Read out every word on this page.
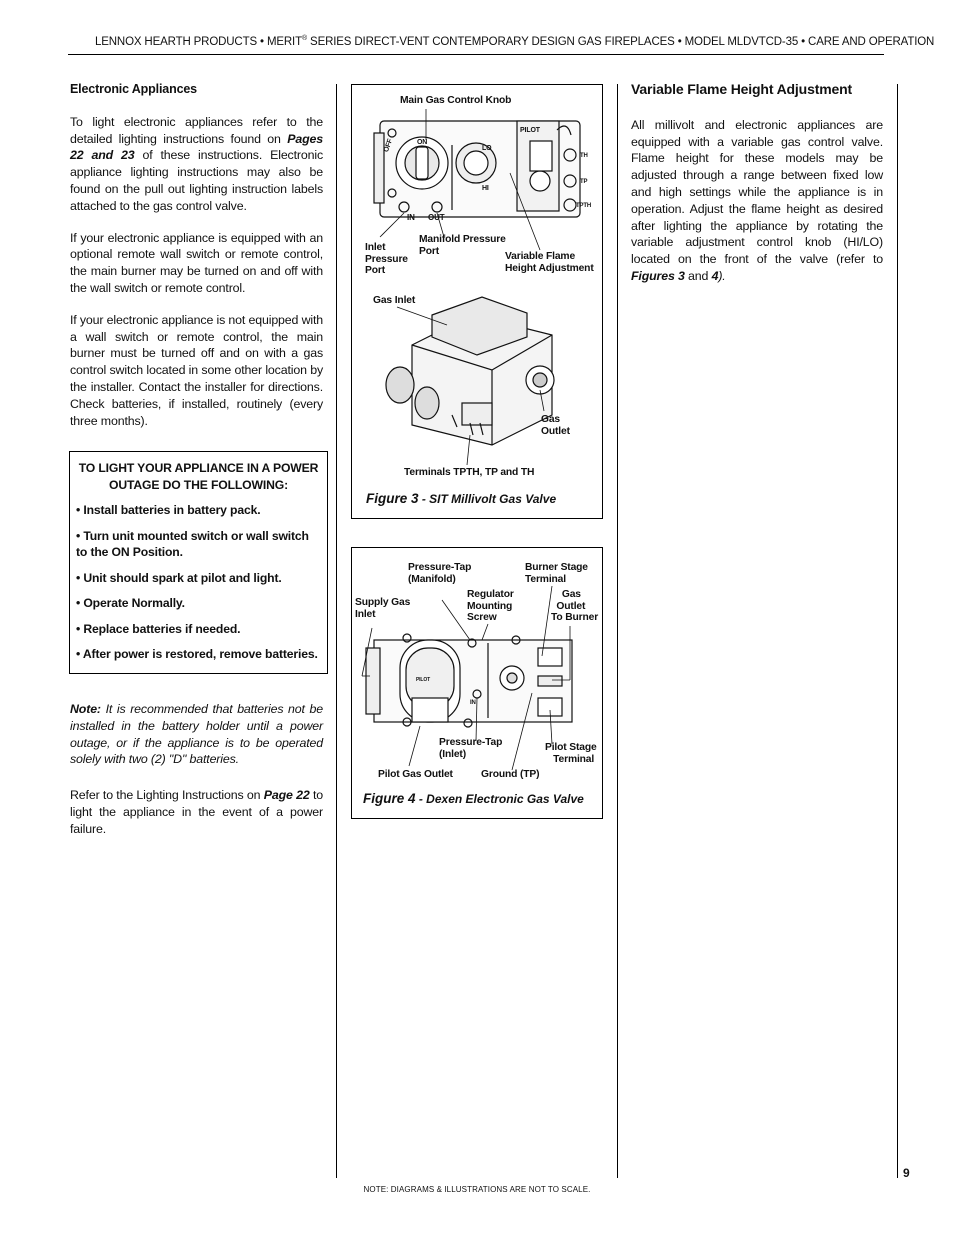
LENNOX HEARTH PRODUCTS • MERIT® SERIES DIRECT-VENT CONTEMPORARY DESIGN GAS FIREPLACES • MODEL MLDVTCD-35 • CARE AND OPERATION

Electronic Appliances

To light electronic appliances refer to the detailed lighting instructions found on Pages 22 and 23 of these instructions. Electronic appliance lighting instructions may also be found on the pull out lighting instruction labels attached to the gas control valve.

If your electronic appliance is equipped with an optional remote wall switch or remote control, the main burner may be turned on and off with the wall switch or remote control.

If your electronic appliance is not equipped with a wall switch or remote control, the main burner must be turned off and on with a gas control switch located in some other location by the installer. Contact the installer for directions. Check batteries, if installed, routinely (every three months).

TO LIGHT YOUR APPLIANCE IN A POWER OUTAGE DO THE FOLLOWING:
• Install batteries in battery pack.
• Turn unit mounted switch or wall switch to the ON Position.
• Unit should spark at pilot and light.
• Operate Normally.
• Replace batteries if needed.
• After power is restored, remove batteries.

Note: It is recommended that batteries not be installed in the battery holder until a power outage, or if the appliance is to be operated solely with two (2) "D" batteries.

Refer to the Lighting Instructions on Page 22 to light the appliance in the event of a power failure.

Main Gas Control Knob
OFF	ON
PILOT
HI
LO
TH
TP
TPTH
IN OUT
Inlet
Pressure
Port
Manifold Pressure
Port	Variable Flame
Height Adjustment
Gas Inlet
Gas
Outlet
Terminals TPTH, TP and TH
Figure 3 - SIT Millivolt Gas Valve
Pressure-Tap
(Manifold)
Burner Stage
Terminal
Supply Gas
Inlet
Regulator
Mounting
Screw
Gas
Outlet
To Burner
PILOT
IN
Pressure-Tap
(Inlet)
Pilot Stage
Terminal
Pilot Gas Outlet	Ground (TP)
Figure 4 - Dexen Electronic Gas Valve

Variable Flame Height Adjustment

All millivolt and electronic appliances are equipped with a variable gas control valve. Flame height for these models may be adjusted through a range between fixed low and high settings while the appliance is in operation. Adjust the flame height as desired after lighting the appliance by rotating the variable adjustment control knob (HI/LO) located on the front of the valve (refer to Figures 3 and 4).

9
NOTE: DIAGRAMS & ILLUSTRATIONS ARE NOT TO SCALE.
